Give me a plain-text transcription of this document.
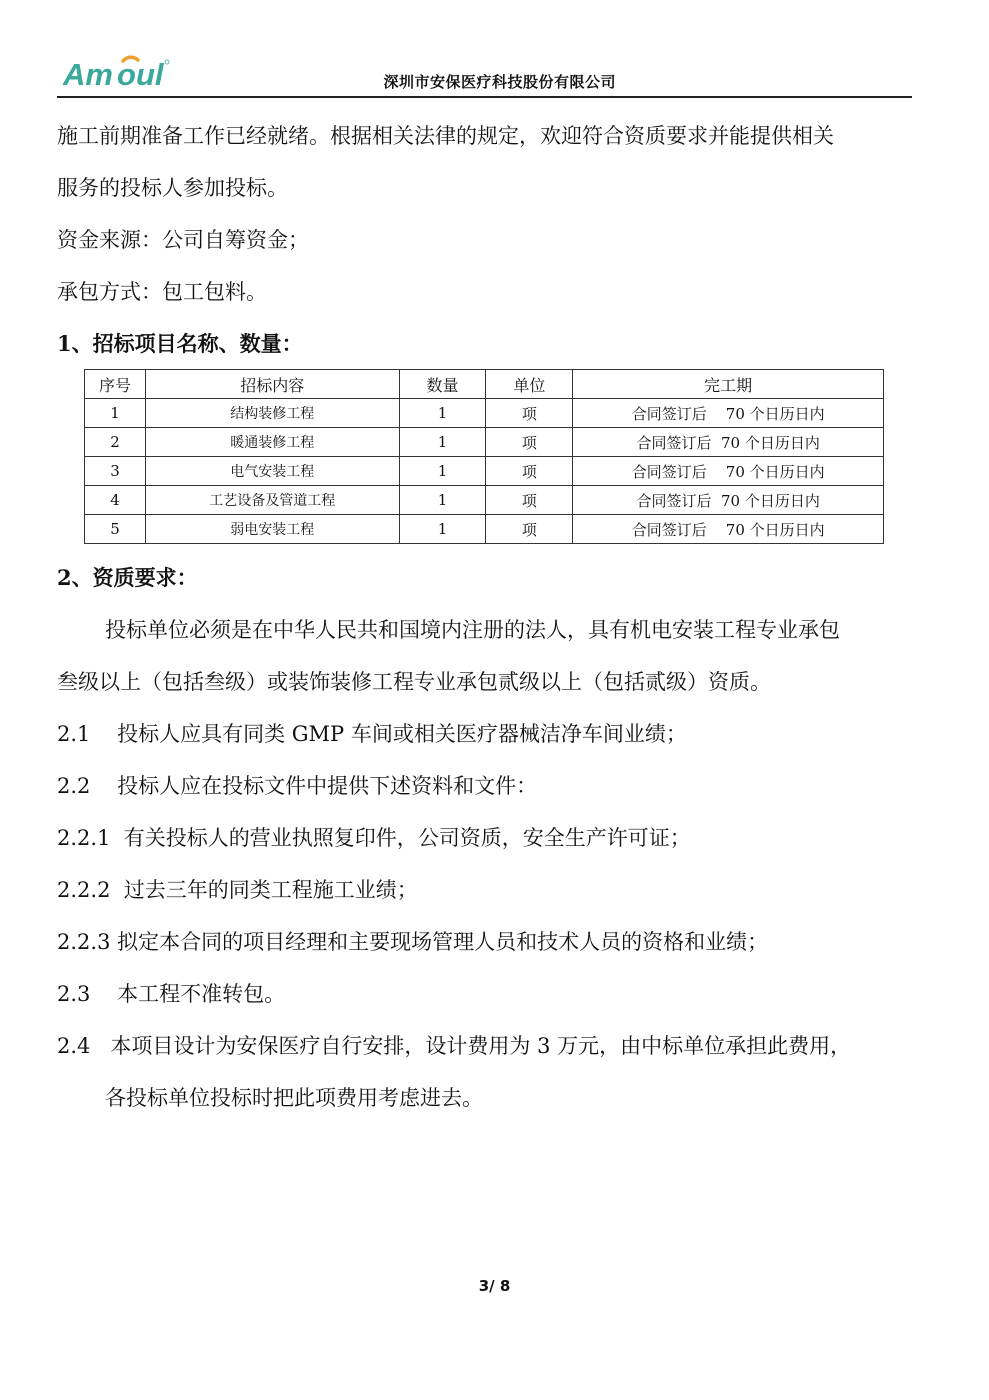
Am o ul	深圳市安保医疗科技股份有限公司
施工前期准备工作已经就绪。根据相关法律的规定，欢迎符合资质要求并能提供相关
服务的投标人参加投标。
资金来源：公司自筹资金；
承包方式：包工包料。
1、招标项目名称、数量：
序号	招标内容	数量	单位	完工期
1	结构装修工程	1	项	合同签订后    70 个日历日内
2	暖通装修工程	1	项	合同签订后  70 个日历日内
3	电气安装工程	1	项	合同签订后    70 个日历日内
4	工艺设备及管道工程	1	项	合同签订后  70 个日历日内
5	弱电安装工程	1	项	合同签订后    70 个日历日内
2、资质要求：
投标单位必须是在中华人民共和国境内注册的法人，具有机电安装工程专业承包
叁级以上（包括叁级）或装饰装修工程专业承包贰级以上（包括贰级）资质。
2.1    投标人应具有同类 GMP 车间或相关医疗器械洁净车间业绩；
2.2    投标人应在投标文件中提供下述资料和文件：
2.2.1  有关投标人的营业执照复印件，公司资质，安全生产许可证；
2.2.2  过去三年的同类工程施工业绩；
2.2.3 拟定本合同的项目经理和主要现场管理人员和技术人员的资格和业绩；
2.3    本工程不准转包。
2.4   本项目设计为安保医疗自行安排，设计费用为 3 万元，由中标单位承担此费用，
各投标单位投标时把此项费用考虑进去。
3/ 8
